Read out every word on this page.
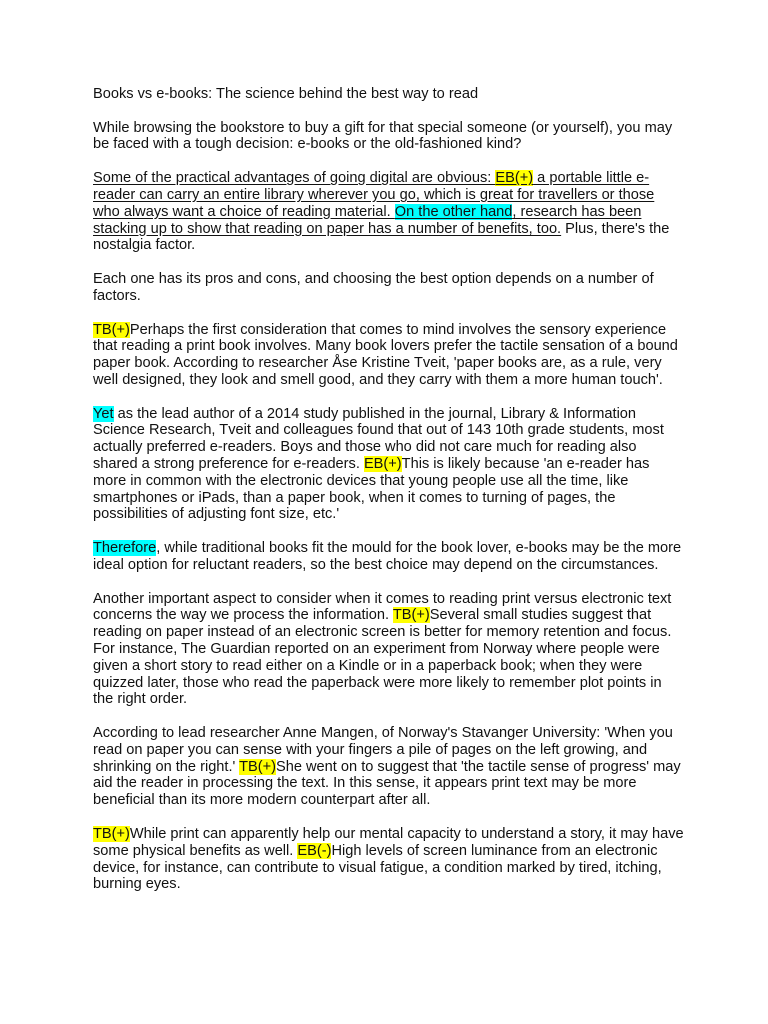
Books vs e-books: The science behind the best way to read

While browsing the bookstore to buy a gift for that special someone (or yourself), you may be faced with a tough decision: e-books or the old-fashioned kind?

Some of the practical advantages of going digital are obvious: EB(+) a portable little e-reader can carry an entire library wherever you go, which is great for travellers or those who always want a choice of reading material. On the other hand, research has been stacking up to show that reading on paper has a number of benefits, too. Plus, there's the nostalgia factor.

Each one has its pros and cons, and choosing the best option depends on a number of factors.

TB(+)Perhaps the first consideration that comes to mind involves the sensory experience that reading a print book involves. Many book lovers prefer the tactile sensation of a bound paper book. According to researcher Åse Kristine Tveit, 'paper books are, as a rule, very well designed, they look and smell good, and they carry with them a more human touch'.

Yet as the lead author of a 2014 study published in the journal, Library & Information Science Research, Tveit and colleagues found that out of 143 10th grade students, most actually preferred e-readers. Boys and those who did not care much for reading also shared a strong preference for e-readers. EB(+)This is likely because 'an e-reader has more in common with the electronic devices that young people use all the time, like smartphones or iPads, than a paper book, when it comes to turning of pages, the possibilities of adjusting font size, etc.'

Therefore, while traditional books fit the mould for the book lover, e-books may be the more ideal option for reluctant readers, so the best choice may depend on the circumstances.

Another important aspect to consider when it comes to reading print versus electronic text concerns the way we process the information. TB(+)Several small studies suggest that reading on paper instead of an electronic screen is better for memory retention and focus. For instance, The Guardian reported on an experiment from Norway where people were given a short story to read either on a Kindle or in a paperback book; when they were quizzed later, those who read the paperback were more likely to remember plot points in the right order.

According to lead researcher Anne Mangen, of Norway's Stavanger University: 'When you read on paper you can sense with your fingers a pile of pages on the left growing, and shrinking on the right.' TB(+)She went on to suggest that 'the tactile sense of progress' may aid the reader in processing the text. In this sense, it appears print text may be more beneficial than its more modern counterpart after all.

TB(+)While print can apparently help our mental capacity to understand a story, it may have some physical benefits as well. EB(-)High levels of screen luminance from an electronic device, for instance, can contribute to visual fatigue, a condition marked by tired, itching, burning eyes.
